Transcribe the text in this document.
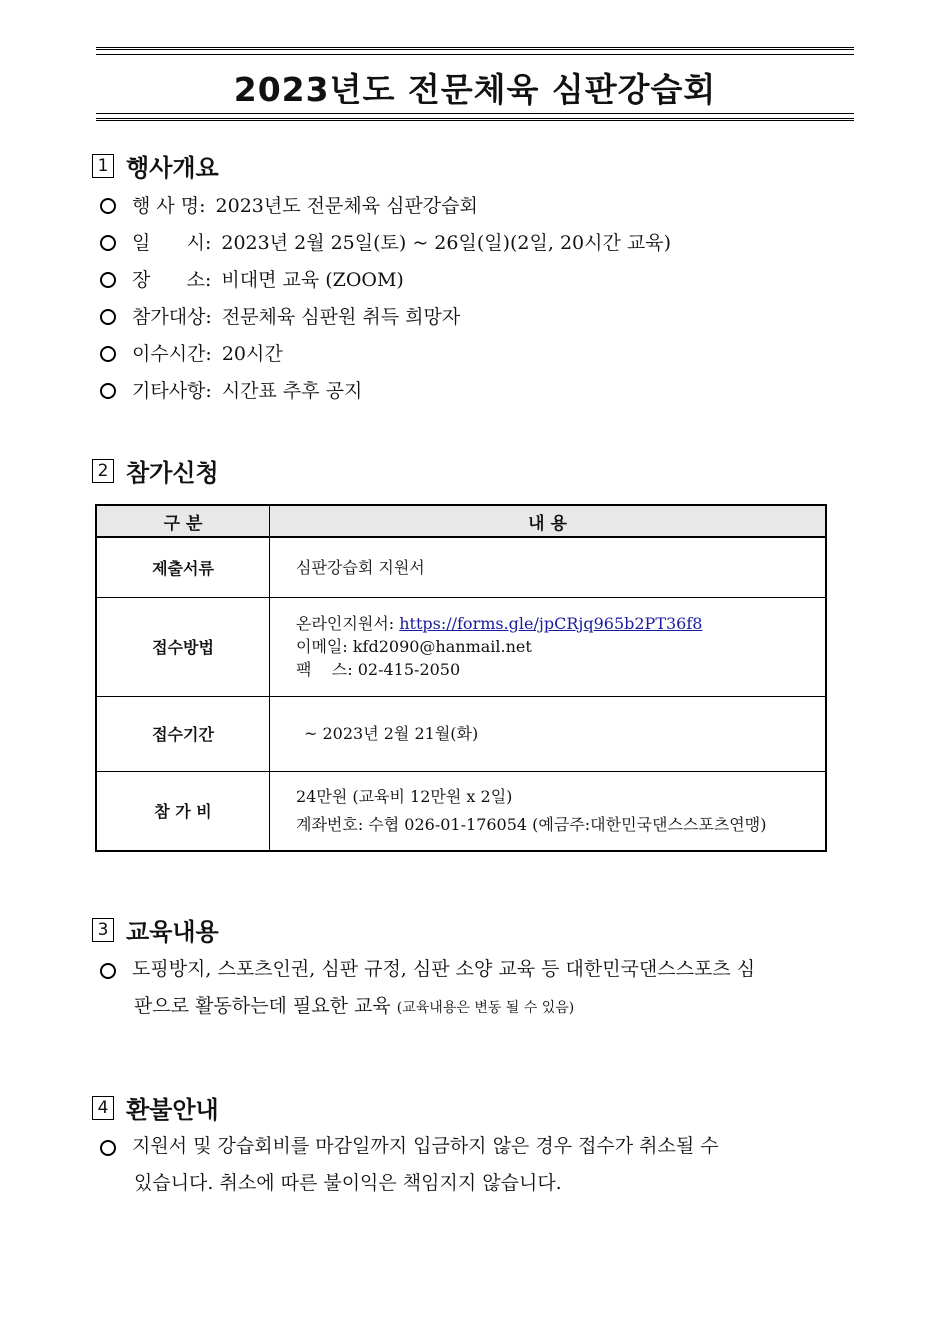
2023년도 전문체육 심판강습회
1 행사개요
행 사 명: 2023년도 전문체육 심판강습회
일      시: 2023년 2월 25일(토) ~ 26일(일)(2일, 20시간 교육)
장      소: 비대면 교육 (ZOOM)
참가대상: 전문체육 심판원 취득 희망자
이수시간: 20시간
기타사항: 시간표 추후 공지
2 참가신청
구 분	내 용
제출서류	심판강습회 지원서
접수방법	온라인지원서: https://forms.gle/jpCRjq965b2PT36f8
이메일: kfd2090@hanmail.net
팩    스: 02-415-2050

접수기간	~ 2023년 2월 21월(화)
참 가 비	24만원 (교육비 12만원 x 2일)
계좌번호: 수협 026-01-176054 (예금주:대한민국댄스스포츠연맹)
3 교육내용
도핑방지, 스포츠인권, 심판 규정, 심판 소양 교육 등 대한민국댄스스포츠 심
판으로 활동하는데 필요한 교육 (교육내용은 변동 될 수 있음)
4 환불안내
지원서 및 강습회비를 마감일까지 입금하지 않은 경우 접수가 취소될 수
있습니다. 취소에 따른 불이익은 책임지지 않습니다.
